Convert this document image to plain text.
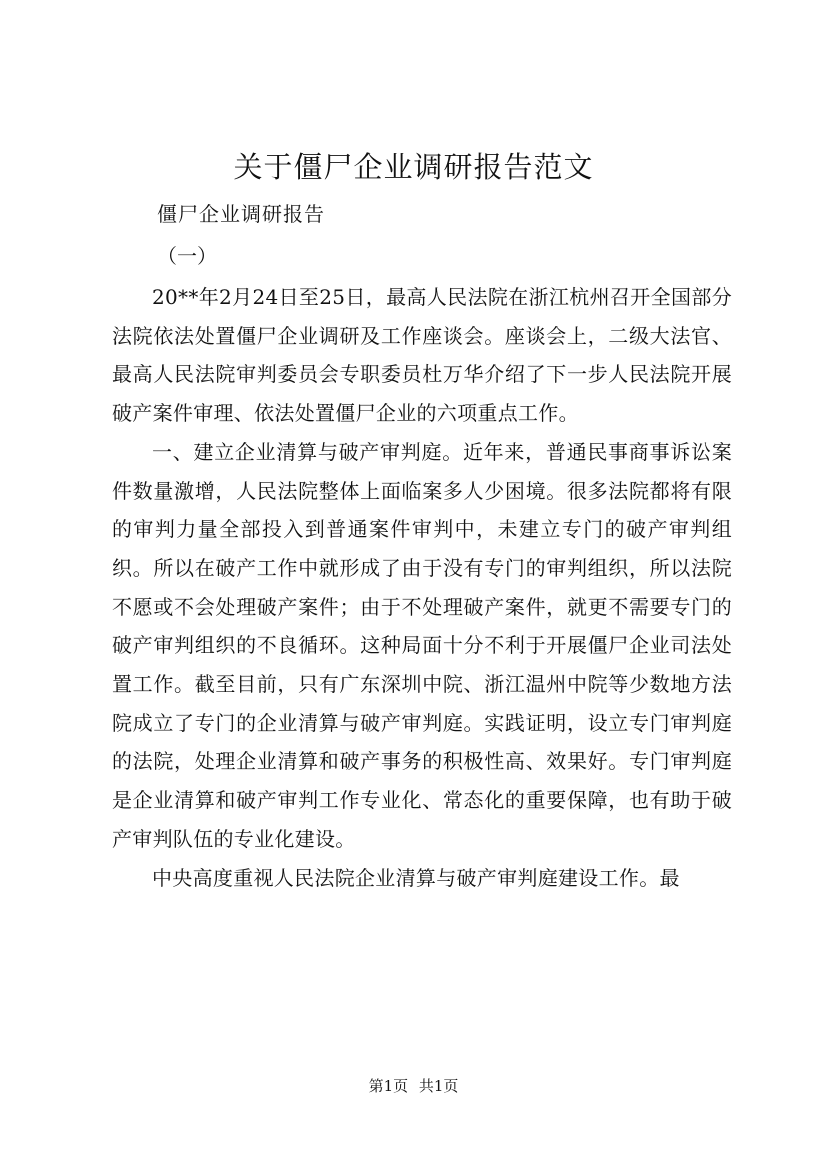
关于僵尸企业调研报告范文
僵尸企业调研报告
（一）

20**年2月24日至25日，最高人民法院在浙江杭州召开全国部分法院依法处置僵尸企业调研及工作座谈会。座谈会上，二级大法官、最高人民法院审判委员会专职委员杜万华介绍了下一步人民法院开展破产案件审理、依法处置僵尸企业的六项重点工作。

一、建立企业清算与破产审判庭。近年来，普通民事商事诉讼案件数量激增，人民法院整体上面临案多人少困境。很多法院都将有限的审判力量全部投入到普通案件审判中，未建立专门的破产审判组织。所以在破产工作中就形成了由于没有专门的审判组织，所以法院不愿或不会处理破产案件；由于不处理破产案件，就更不需要专门的破产审判组织的不良循环。这种局面十分不利于开展僵尸企业司法处置工作。截至目前，只有广东深圳中院、浙江温州中院等少数地方法院成立了专门的企业清算与破产审判庭。实践证明，设立专门审判庭的法院，处理企业清算和破产事务的积极性高、效果好。专门审判庭是企业清算和破产审判工作专业化、常态化的重要保障，也有助于破产审判队伍的专业化建设。

中央高度重视人民法院企业清算与破产审判庭建设工作。最

第1页 共1页
